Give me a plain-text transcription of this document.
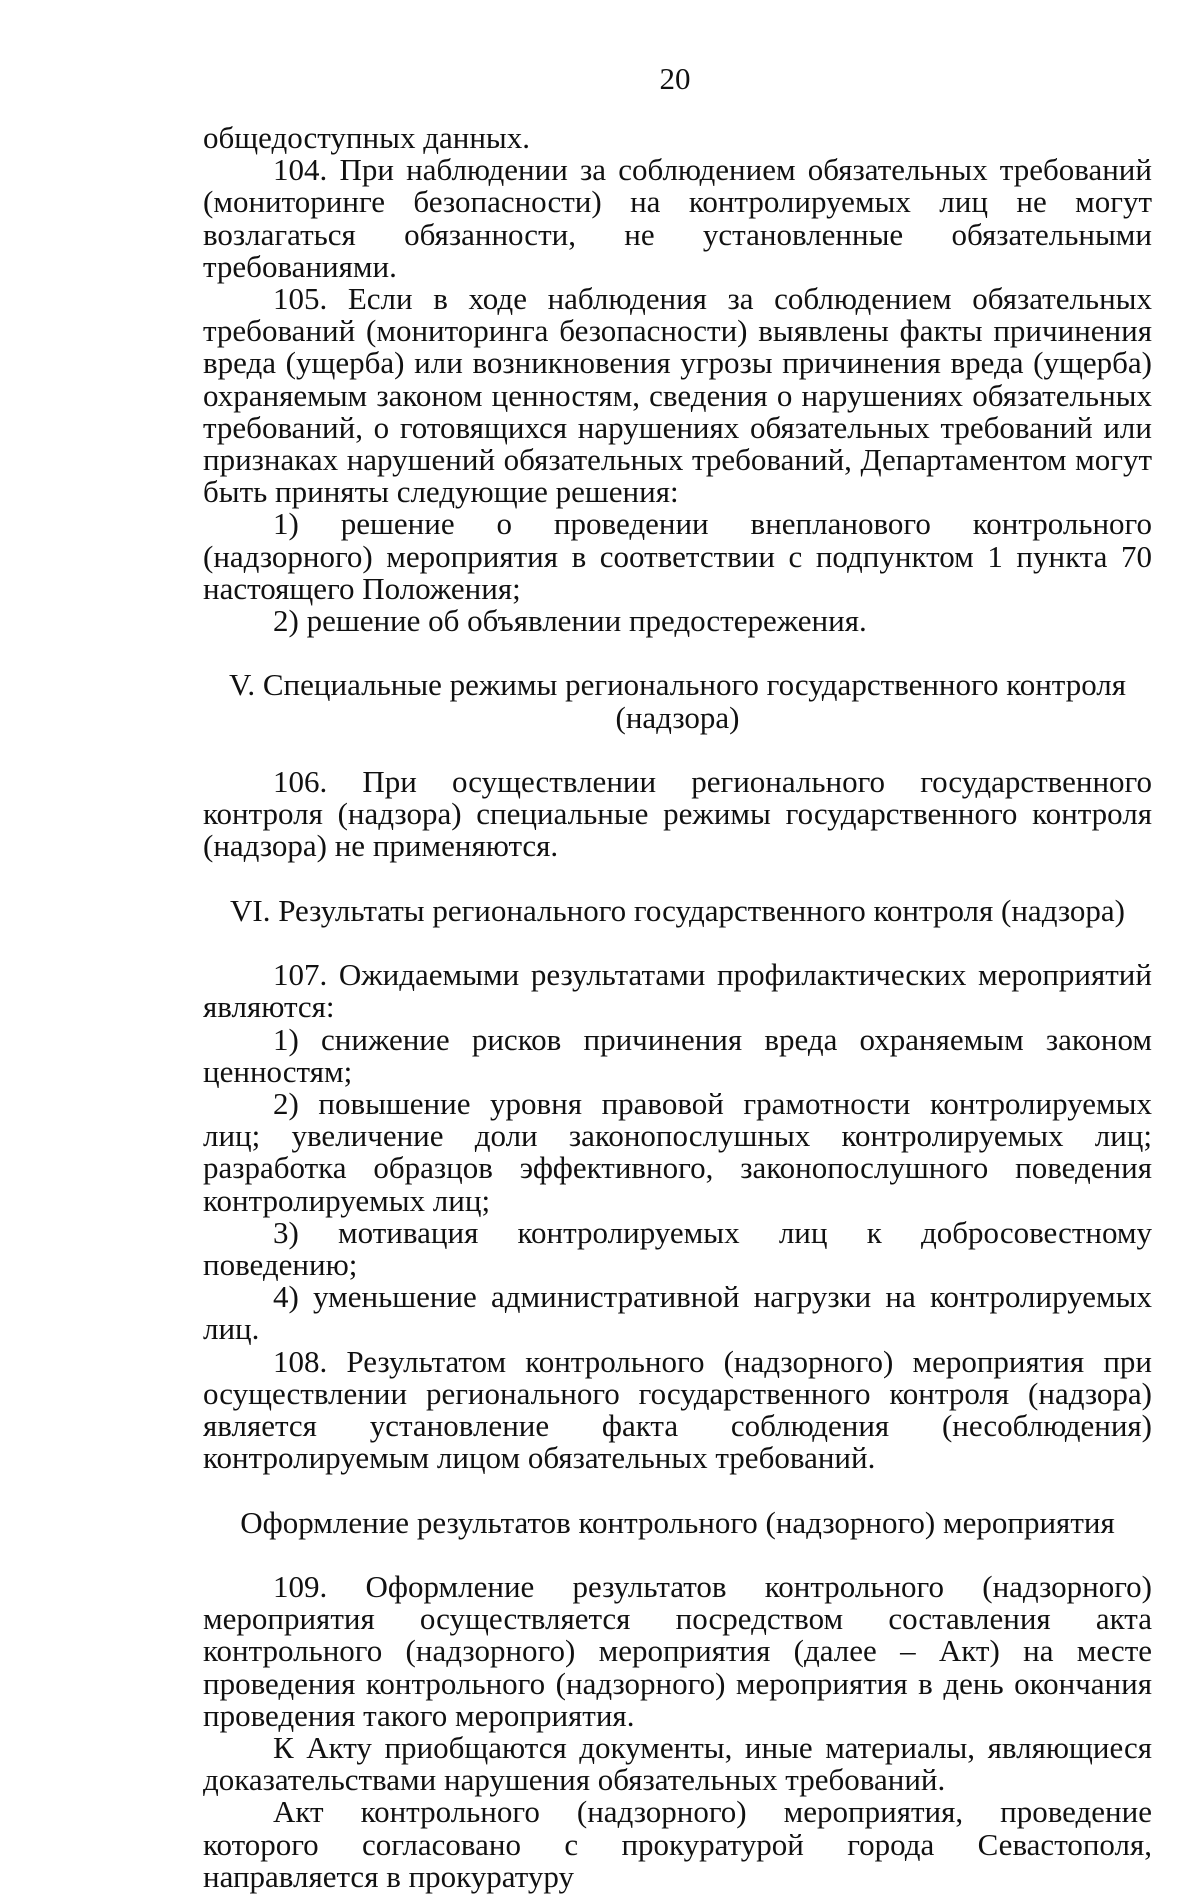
20

общедоступных данных.

104. При наблюдении за соблюдением обязательных требований (мониторинге безопасности) на контролируемых лиц не могут возлагаться обязанности, не установленные обязательными требованиями.

105. Если в ходе наблюдения за соблюдением обязательных требований (мониторинга безопасности) выявлены факты причинения вреда (ущерба) или возникновения угрозы причинения вреда (ущерба) охраняемым законом ценностям, сведения о нарушениях обязательных требований, о готовящихся нарушениях обязательных требований или признаках нарушений обязательных требований, Департаментом могут быть приняты следующие решения:

1) решение о проведении внепланового контрольного (надзорного) мероприятия в соответствии с подпунктом 1 пункта 70 настоящего Положения;

2) решение об объявлении предостережения.

V. Специальные режимы регионального государственного контроля (надзора)

106. При осуществлении регионального государственного контроля (надзора) специальные режимы государственного контроля (надзора) не применяются.

VI. Результаты регионального государственного контроля (надзора)

107. Ожидаемыми результатами профилактических мероприятий являются:

1) снижение рисков причинения вреда охраняемым законом ценностям;

2) повышение уровня правовой грамотности контролируемых лиц; увеличение доли законопослушных контролируемых лиц; разработка образцов эффективного, законопослушного поведения контролируемых лиц;

3) мотивация контролируемых лиц к добросовестному поведению;

4) уменьшение административной нагрузки на контролируемых лиц.

108. Результатом контрольного (надзорного) мероприятия при осуществлении регионального государственного контроля (надзора) является установление факта соблюдения (несоблюдения) контролируемым лицом обязательных требований.

Оформление результатов контрольного (надзорного) мероприятия

109. Оформление результатов контрольного (надзорного) мероприятия осуществляется посредством составления акта контрольного (надзорного) мероприятия (далее – Акт) на месте проведения контрольного (надзорного) мероприятия в день окончания проведения такого мероприятия.

К Акту приобщаются документы, иные материалы, являющиеся доказательствами нарушения обязательных требований.

Акт контрольного (надзорного) мероприятия, проведение которого согласовано с прокуратурой города Севастополя, направляется в прокуратуру
